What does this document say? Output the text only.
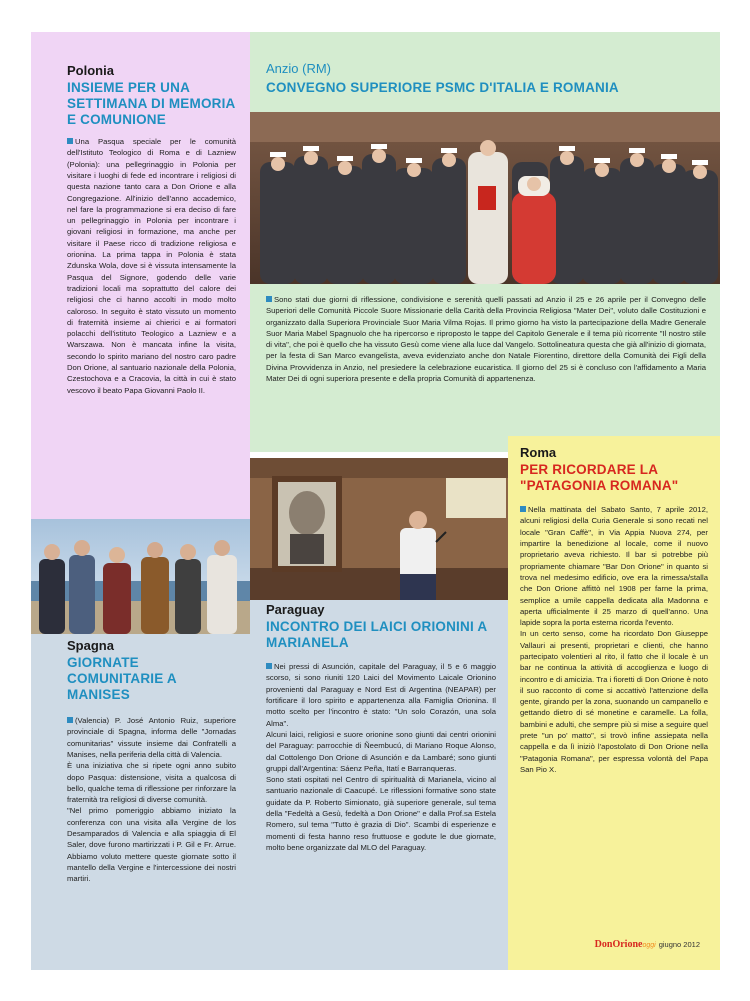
Polonia
INSIEME PER UNA SETTIMANA DI MEMORIA E COMUNIONE

Una Pasqua speciale per le comunità dell'Istituto Teologico di Roma e di Lazniew (Polonia): una pellegrinaggio in Polonia per visitare i luoghi di fede ed incontrare i religiosi di questa nazione tanto cara a Don Orione e alla Congregazione. All'inizio dell'anno accademico, nel fare la programmazione si era deciso di fare un pellegrinaggio in Polonia per incontrare i giovani religiosi in formazione, ma anche per visitare il Paese ricco di tradizione religiosa e orionina. La prima tappa in Polonia è stata Zdunska Wola, dove si è vissuta intensamente la Pasqua del Signore, godendo delle varie tradizioni locali ma soprattutto del calore dei religiosi che ci hanno accolti in modo molto caloroso. In seguito è stato vissuto un momento di fraternità insieme ai chierici e ai formatori polacchi dell'istituto Teologico a Lazniew e a Warszawa. Non è mancata infine la visita, secondo lo spirito mariano del nostro caro padre Don Orione, al santuario nazionale della Polonia, Czestochova e a Cracovia, la città in cui è stato vescovo il beato Papa Giovanni Paolo II.

Anzio (RM)
CONVEGNO SUPERIORE PSMC D'ITALIA E ROMANIA

Sono stati due giorni di riflessione, condivisione e serenità quelli passati ad Anzio il 25 e 26 aprile per il Convegno delle Superiori delle Comunità Piccole Suore Missionarie della Carità della Provincia Religiosa "Mater Dei", voluto dalle Costituzioni e organizzato dalla Superiora Provinciale Suor Maria Vilma Rojas. Il primo giorno ha visto la partecipazione della Madre Generale Suor Maria Mabel Spagnuolo che ha ripercorso e riproposto le tappe del Capitolo Generale e il tema più ricorrente "Il nostro stile di vita", che poi è quello che ha vissuto Gesù come viene alla luce dal Vangelo. Sottolineatura questa che già all'inizio di giornata, per la festa di San Marco evangelista, aveva evidenziato anche don Natale Fiorentino, direttore della Comunità dei Figli della Divina Provvidenza in Anzio, nel presiedere la celebrazione eucaristica. Il giorno del 25 si è concluso con l'affidamento a Maria Mater Dei di ogni superiora presente e della propria Comunità di appartenenza.

Spagna
GIORNATE COMUNITARIE A MANISES

(Valencia) P. José Antonio Ruiz, superiore provinciale di Spagna, informa delle "Jornadas comunitarias" vissute insieme dai Confratelli a Manises, nella periferia della città di Valencia.

È una iniziativa che si ripete ogni anno subito dopo Pasqua: distensione, visita a qualcosa di bello, qualche tema di riflessione per rinforzare la fraternità tra religiosi di diverse comunità.

"Nel primo pomeriggio abbiamo iniziato la conferenza con una visita alla Vergine de los Desamparados di Valencia e alla spiaggia di El Saler, dove furono martirizzati i P. Gil e Fr. Arrue. Abbiamo voluto mettere queste giornate sotto il mantello della Vergine e l'intercessione dei nostri martiri.

Paraguay
INCONTRO DEI LAICI ORIONINI A MARIANELA

Nei pressi di Asunción, capitale del Paraguay, il 5 e 6 maggio scorso, si sono riuniti 120 Laici del Movimento Laicale Orionino provenienti dal Paraguay e Nord Est di Argentina (NEAPAR) per fortificare il loro spirito e appartenenza alla Famiglia Orionina. Il motto scelto per l'incontro è stato: "Un solo Corazón, una sola Alma".

Alcuni laici, religiosi e suore orionine sono giunti dai centri orionini del Paraguay: parrocchie di Ñeembucú, di Mariano Roque Alonso, dal Cottolengo Don Orione di Asunción e da Lambaré; sono giunti gruppi dall'Argentina: Sáenz Peña, Itatí e Barranqueras.

Sono stati ospitati nel Centro di spiritualità di Marianela, vicino al santuario nazionale di Caacupé. Le riflessioni formative sono state guidate da P. Roberto Simionato, già superiore generale, sul tema della "Fedeltà a Gesù, fedeltà a Don Orione" e dalla Prof.sa Estela Romero, sul tema "Tutto è grazia di Dio". Scambi di esperienze e momenti di festa hanno reso fruttuose e godute le due giornate, molto bene organizzate dal MLO del Paraguay.

Roma
PER RICORDARE LA "PATAGONIA ROMANA"

Nella mattinata del Sabato Santo, 7 aprile 2012, alcuni religiosi della Curia Generale si sono recati nel locale "Gran Caffè", in Via Appia Nuova 274, per impartire la benedizione al locale, come il nuovo proprietario aveva richiesto. Il bar si potrebbe più propriamente chiamare "Bar Don Orione" in quanto si trova nel medesimo edificio, ove era la rimessa/stalla che Don Orione affittò nel 1908 per farne la prima, semplice a umile cappella dedicata alla Madonna e aperta ufficialmente il 25 marzo di quell'anno. Una lapide sopra la porta esterna ricorda l'evento.

In un certo senso, come ha ricordato Don Giuseppe Vallauri ai presenti, proprietari e clienti, che hanno partecipato volentieri al rito, il fatto che il locale è un bar ne continua la attività di accoglienza e luogo di incontro e di amicizia. Tra i fioretti di Don Orione è noto il suo racconto di come si accattivò l'attenzione della gente, girando per la zona, suonando un campanello e gettando dietro di sé monetine e caramelle. La folla, bambini e adulti, che sempre più si mise a seguire quel prete "un po' matto", si trovò infine assiepata nella cappella e da lì iniziò l'apostolato di Don Orione nella "Patagonia Romana", per espressa volontà del Papa San Pio X.

DonOrioneoggi giugno 2012
